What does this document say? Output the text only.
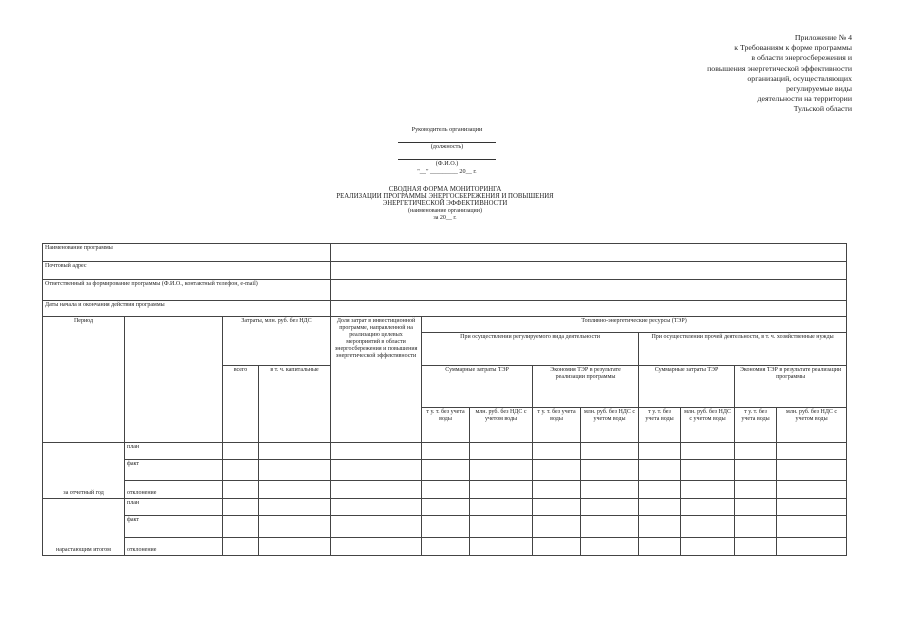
Приложение № 4
к Требованиям к форме программы
в области энергосбережения и
повышения энергетической эффективности
организаций, осуществляющих
регулируемые виды
деятельности на территории
Тульской области
Руководитель организации
(должность)
(Ф.И.О.)
"__" _________ 20__ г.
СВОДНАЯ ФОРМА МОНИТОРИНГА
РЕАЛИЗАЦИИ ПРОГРАММЫ ЭНЕРГОСБЕРЕЖЕНИЯ И ПОВЫШЕНИЯ
ЭНЕРГЕТИЧЕСКОЙ ЭФФЕКТИВНОСТИ
(наименование организации)
за 20__ г.
Наименование программы												
Почтовый адрес												
Ответственный за формирование программы (Ф.И.О., контактный телефон, e-mail)												
Даты начала и окончания действия программы												
Период		Затраты, млн. руб. без НДС		Доля затрат в инвестиционной программе, направленной на реализацию целевых мероприятий в области энергосбережения и повышения энергетической эффективности	Топливно-энергетические ресурсы (ТЭР)							
					При осуществлении регулируемого вида деятельности				При осуществлении прочей деятельности, в т. ч. хозяйственные нужды			
		всего	в т. ч. капитальные		Суммарные затраты ТЭР		Экономия ТЭР в результате реализации программы		Суммарные затраты ТЭР		Экономия ТЭР в результате реализации программы	
					т у. т. без учета воды	млн. руб. без НДС с учетом воды	т у. т. без учета воды	млн. руб. без НДС с учетом воды	т у. т. без учета воды	млн. руб. без НДС с учетом воды	т у. т. без учета воды	млн. руб. без НДС с учетом воды
за отчетный год	план											
	факт											
	отклонение											
нарастающим итогом	план											
	факт											
	отклонение											
